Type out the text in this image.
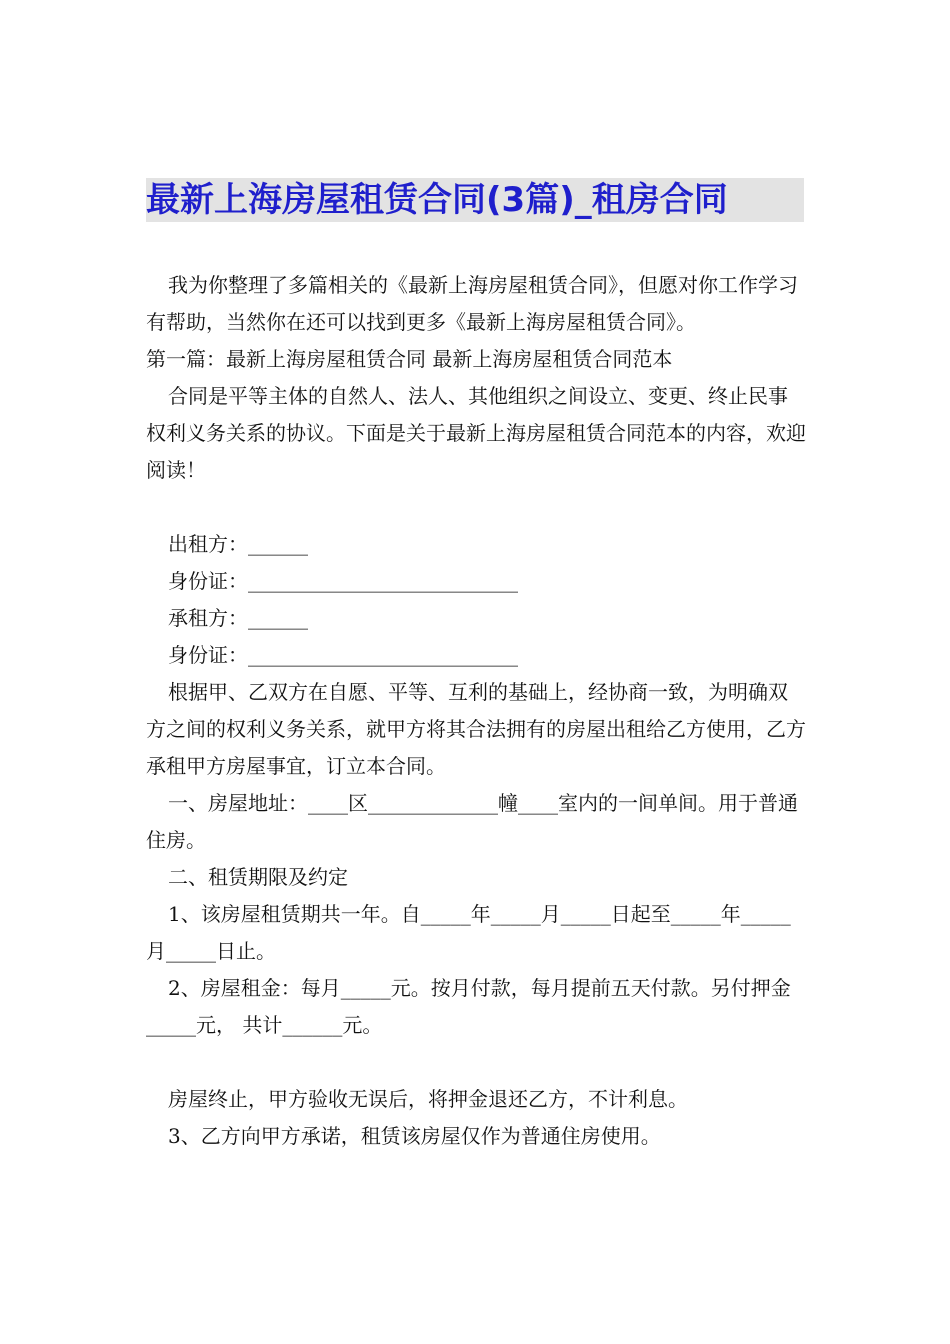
最新上海房屋租赁合同(3篇)_租房合同

我为你整理了多篇相关的《最新上海房屋租赁合同》，但愿对你工作学习有帮助，当然你在还可以找到更多《最新上海房屋租赁合同》。

第一篇：最新上海房屋租赁合同 最新上海房屋租赁合同范本

合同是平等主体的自然人、法人、其他组织之间设立、变更、终止民事权利义务关系的协议。下面是关于最新上海房屋租赁合同范本的内容，欢迎阅读！

出租方：______

身份证：___________________________

承租方：______

身份证：___________________________

根据甲、乙双方在自愿、平等、互利的基础上，经协商一致，为明确双方之间的权利义务关系，就甲方将其合法拥有的房屋出租给乙方使用，乙方承租甲方房屋事宜，订立本合同。

一、房屋地址：____区_____________幢____室内的一间单间。用于普通住房。

二、租赁期限及约定

1、该房屋租赁期共一年。自_____年_____月_____日起至_____年_____月_____日止。

2、房屋租金：每月_____元。按月付款，每月提前五天付款。另付押金_____元， 共计______元。

房屋终止，甲方验收无误后，将押金退还乙方，不计利息。

3、乙方向甲方承诺，租赁该房屋仅作为普通住房使用。
